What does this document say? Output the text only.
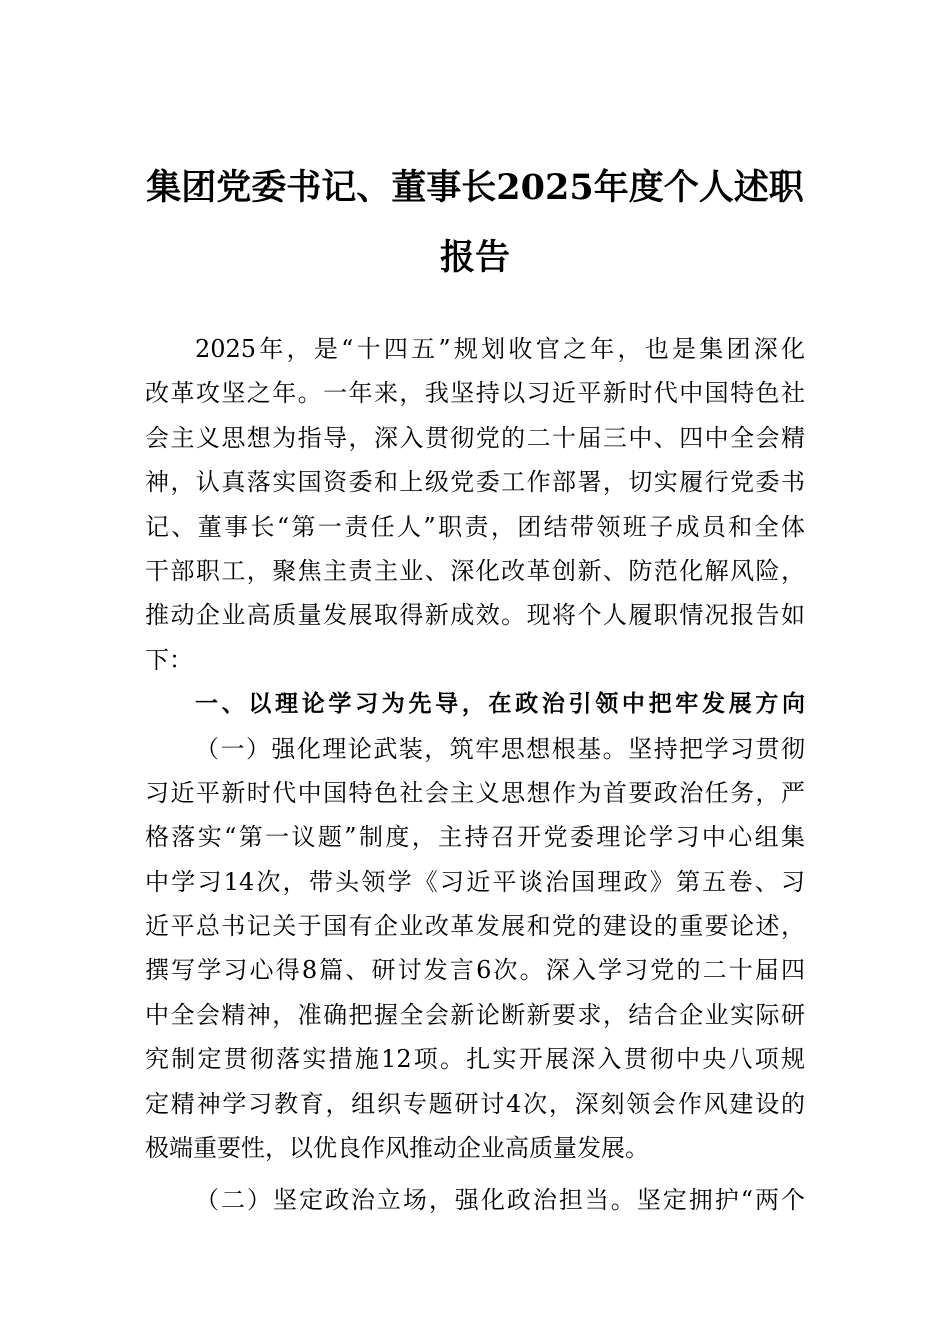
集团党委书记、董事长2025年度个人述职
报告
2025年，是“十四五”规划收官之年，也是集团深化
改革攻坚之年。一年来，我坚持以习近平新时代中国特色社
会主义思想为指导，深入贯彻党的二十届三中、四中全会精
神，认真落实国资委和上级党委工作部署，切实履行党委书
记、董事长“第一责任人”职责，团结带领班子成员和全体
干部职工，聚焦主责主业、深化改革创新、防范化解风险，
推动企业高质量发展取得新成效。现将个人履职情况报告如
下：
一、以理论学习为先导，在政治引领中把牢发展方向
（一）强化理论武装，筑牢思想根基。坚持把学习贯彻
习近平新时代中国特色社会主义思想作为首要政治任务，严
格落实“第一议题”制度，主持召开党委理论学习中心组集
中学习14次，带头领学《习近平谈治国理政》第五卷、习
近平总书记关于国有企业改革发展和党的建设的重要论述，
撰写学习心得8篇、研讨发言6次。深入学习党的二十届四
中全会精神，准确把握全会新论断新要求，结合企业实际研
究制定贯彻落实措施12项。扎实开展深入贯彻中央八项规
定精神学习教育，组织专题研讨4次，深刻领会作风建设的
极端重要性，以优良作风推动企业高质量发展。
（二）坚定政治立场，强化政治担当。坚定拥护“两个
